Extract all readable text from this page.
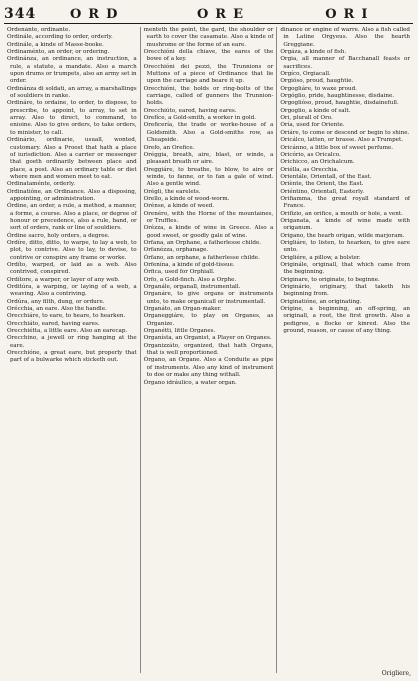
344	ORD	ORE	ORI

Ordenánte, ordinante.

Ordinále, according to order, orderly.

Ordinále, a kinde of Masse-booke.

Ordinaménto, an order, or ordering.

Ordinánza, an ordinance, an instruction, a rule, a statute, a mandate. Also a march upon drums or trumpets, also an army set in order.

Ordinánza di soldati, an array, a marshallings of souldiers in ranke.

Ordináre, to ordaine, to order, to dispose, to prescribe, to appoint, to array, to set in array. Also to direct, to command, to enioine. Also to give orders, to take orders, to minister, to call.

Ordinário, ordinarie, usuall, wonted, customary. Also a Proost that hath a place of iurisdiction. Also a carrier or messenger that goeth ordinarily between place and place, a post. Also an ordinary table or diet where men and women meet to eat.

Ordinataménte, orderly.

Ordinatióne, an Ordinance. Also a disposing, appointing, or administration.

Órdine, an order, a rule, a method, a manner, a forme, a course. Also a place, or degree of honour or precedence, also a rule, band, or sort of orders, rank or line of souldiers.

Órdine sacro, holy orders, a degree.

Ordíre, ditto, ditto, to warpe, to lay a web, to plot, to contrive. Also to lay, to devise, to contrive or conspire any frame or worke.

Ordíto, warped, or laid as a web. Also contrived, conspired.

Ordítore, a warper, or layer of any web.

Orditúra, a warping, or laying of a web, a weaving. Also a contriving.

Ordúra, any filth, dung, or ordure.

Orécchia, an eare. Also the handle.

Orecchiáre, to eare, to heare, to hearken.

Orecchiáto, eared, having eares.

Orecchiétta, a little eare. Also an earecap.

Orecchino, a jewell or ring hanging at the eare.

Orecchióne, a great eare, but properly that part of a bulwarke which sticketh out.

menteth the point, the gard, the shoulder or earth to cover the casamate. Also a kinde of mushrome or the forme of an eare.

Orecchióni della chiave, the eares of the bowe of a key.

Orecchióni dei pezzi, the Trunnions or Muttons of a piece of Ordinance that lie upon the carriage and beare it up.

Orecchióni, the holds or ring-bolts of the carriage, called of gunners the Trunnion-holds.

Orecchiúto, eared, having eares.

Orefíce, a Gold-smith, a worker in gold.

Oreficería, the trade or worke-house of a Goldsmith. Also a Gold-smiths row, as Cheapside.

Orefo, an Orefice.

Oréggia, breath, aire, blast, or winde, a pleasant breath or aire.

Oreggiáre, to breathe, to blow, to aire or winde, to fanne, or to fan a gale of wind. Also a gentle wind.

Orégli, the earelets.

Orello, a kinde of wood-worm.

Orénse, a kinde of weed.

Orenéro, with the Horne of the mountaines, or Truffles.

Orézza, a kinde of wine in Greece. Also a good sweet, or goodly gale of wine.

Orfana, an Orphane, a fatherlesse childe.

Orfanézza, orphanage.

Órfano, an orphane, a fatherlesse childe.

Orfenína, a kinde of gold-tissue.

Órfica, used for Orphiall.

Orfo, a Gold-finch. Also a Orphe.

Organále, organall, instrumentall.

Organáre, to give organs or instruments unto, to make organicall or instrumentall.

Organáto, an Organ-maker.

Organeggiáre, to play on Organes, as Organize.

Organétti, little Organes.

Organísta, an Organist, a Player on Organes.

Organizzáto, organized, that hath Organs, that is well proportioned.

Órgano, an Organe. Also a Conduite as pipe of instruments. Also any kind of instrument to doe or make any thing withall.

Órgano idráulico, a water organ.

dinance or engine of warre. Also a fish called in Latine Orgyeus. Also the hearth Greggiane.

Orgáza, a kinde of fish.

Orgia, all manner of Bacchanall feasts or sacrifices.

Orgíco, Orgiacall.

Orgióso, proud, haughtie.

Orgogliáre, to waxe proud.

Orgóglio, pride, haughtinesse, disdaine.

Orgoglióso, proud, haughtie, disdainefull.

Orgoglio, a kinde of salt.

Ori, plurall of Oro.

Oría, used for Oriente.

Oriáre, to come or descend or begin to shine.

Oricálco, latten, or brasse. Also a Trumpet.

Oricánno, a little box of sweet perfume.

Oricório, as Oricalco.

Orichicco, an Orichalcum.

Oriélla, as Orecchia.

Orientále, Orientall, of the East.

Oriènte, the Orient, the East.

Oriéntino, Orientall, Easterly.

Orifiamma, the great royall standard of France.

Orifízio, an orifice, a mouth or hole, a vent.

Origanata, a kinde of wine made with origanum.

Origano, the hearb origan, wilde marjoram.

Origliáre, to listen, to hearken, to give eare unto.

Origliére, a pillow, a bolster.

Originále, originall, that which came from the beginning.

Originare, to originate, to beginne.

Originário, originary, that taketh his beginning from.

Originatióne, an originating.

Orígine, a beginning, an off-spring, an originall, a root, the first growth. Also a pedigree, a flocke or kinred. Also the ground, reason, or cause of any thing.

Origliere,
